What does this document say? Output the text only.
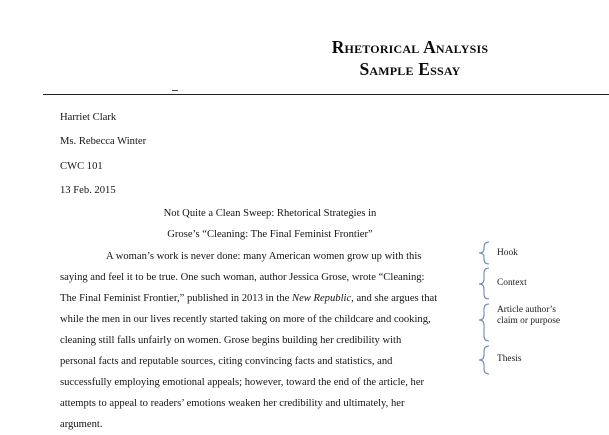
Rhetorical Analysis
Sample Essay
Harriet Clark
Ms. Rebecca Winter
CWC 101
13 Feb. 2015
Not Quite a Clean Sweep: Rhetorical Strategies in
Grose’s “Cleaning: The Final Feminist Frontier”
A woman’s work is never done: many American women grow up with this
saying and feel it to be true. One such woman, author Jessica Grose, wrote “Cleaning:
The Final Feminist Frontier,” published in 2013 in the New Republic, and she argues that
while the men in our lives recently started taking on more of the childcare and cooking,
cleaning still falls unfairly on women. Grose begins building her credibility with
personal facts and reputable sources, citing convincing facts and statistics, and
successfully employing emotional appeals; however, toward the end of the article, her
attempts to appeal to readers’ emotions weaken her credibility and ultimately, her
argument.
Hook
Context
Article author’s
claim or purpose
Thesis
